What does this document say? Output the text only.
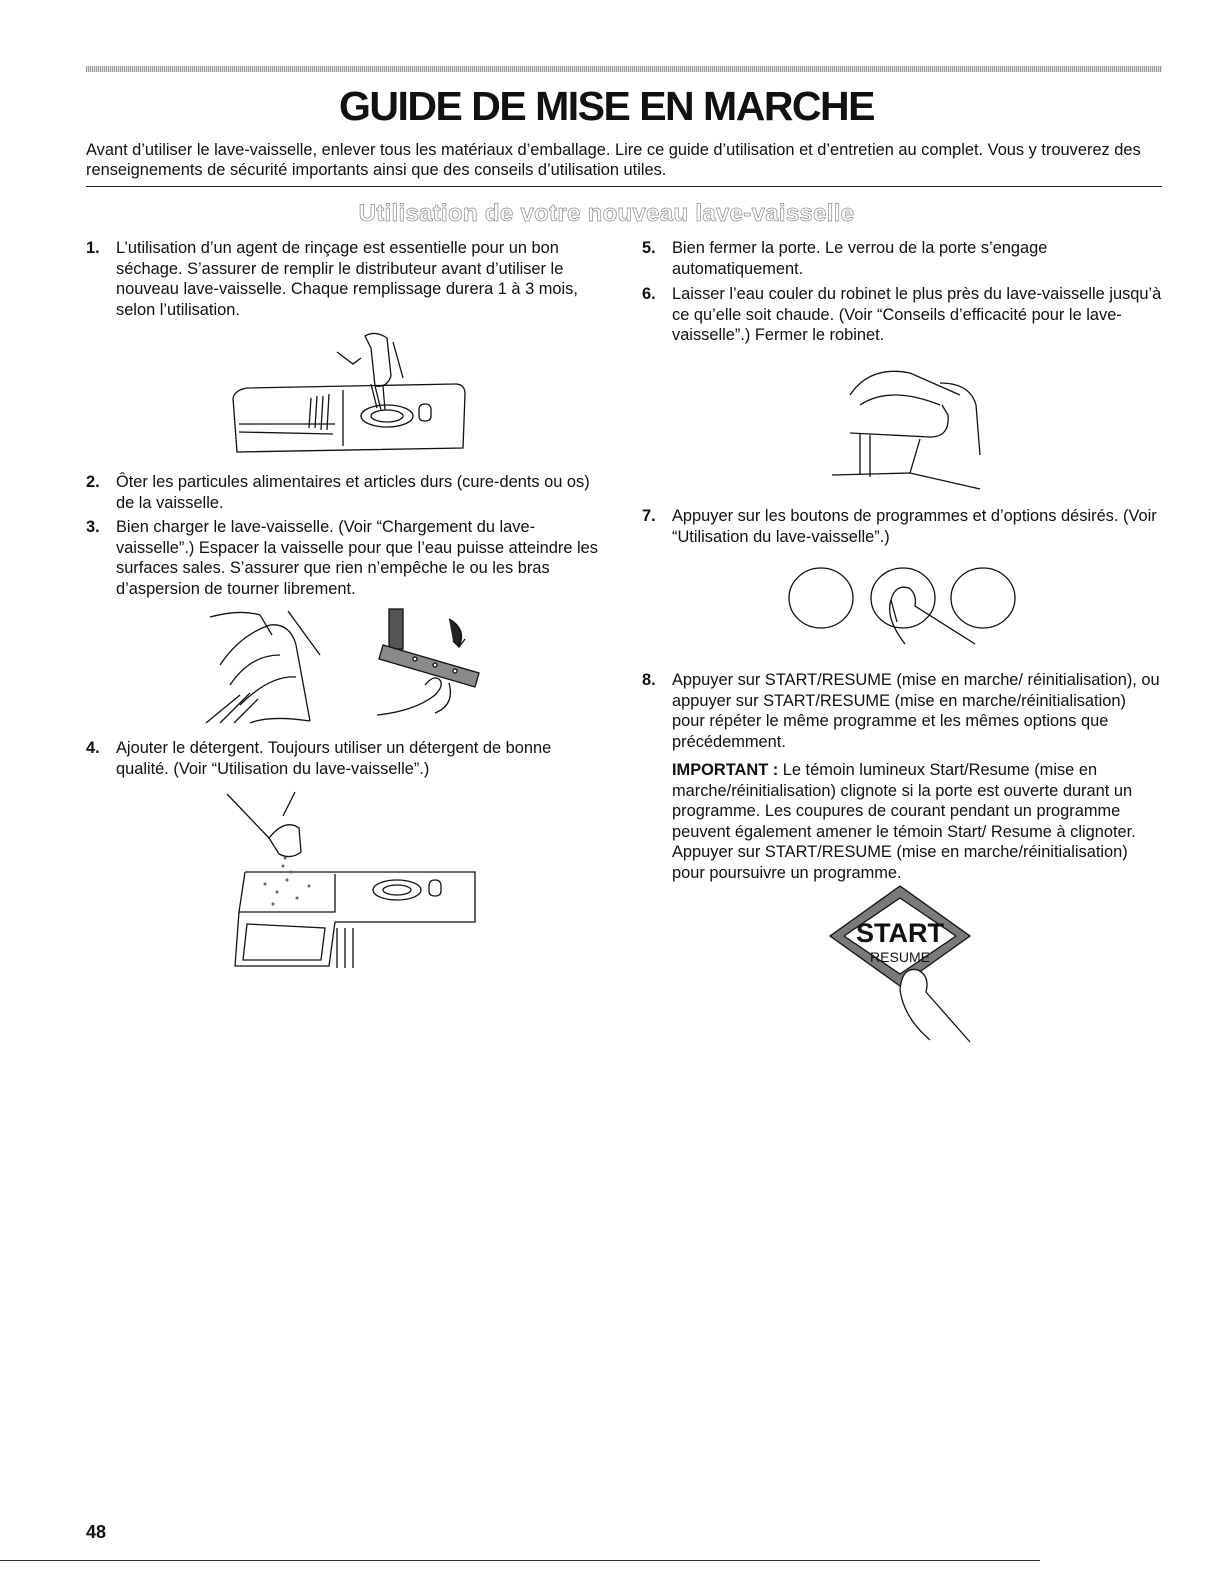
GUIDE DE MISE EN MARCHE

Avant d’utiliser le lave-vaisselle, enlever tous les matériaux d’emballage. Lire ce guide d’utilisation et d’entretien au complet. Vous y trouverez des renseignements de sécurité importants ainsi que des conseils d’utilisation utiles.

Utilisation de votre nouveau lave-vaisselle
1. L’utilisation d’un agent de rinçage est essentielle pour un bon séchage. S’assurer de remplir le distributeur avant d’utiliser le nouveau lave-vaisselle. Chaque remplissage durera 1 à 3 mois, selon l’utilisation.
2. Ôter les particules alimentaires et articles durs (cure-dents ou os) de la vaisselle.
3. Bien charger le lave-vaisselle. (Voir “Chargement du lave-vaisselle”.) Espacer la vaisselle pour que l’eau puisse atteindre les surfaces sales. S’assurer que rien n’empêche le ou les bras d’aspersion de tourner librement.
4. Ajouter le détergent. Toujours utiliser un détergent de bonne qualité. (Voir “Utilisation du lave-vaisselle”.)
5. Bien fermer la porte. Le verrou de la porte s’engage automatiquement.
6. Laisser l’eau couler du robinet le plus près du lave-vaisselle jusqu’à ce qu’elle soit chaude. (Voir “Conseils d’efficacité pour le lave-vaisselle”.) Fermer le robinet.
7. Appuyer sur les boutons de programmes et d’options désirés. (Voir “Utilisation du lave-vaisselle”.)
8. Appuyer sur START/RESUME (mise en marche/ réinitialisation), ou appuyer sur START/RESUME (mise en marche/réinitialisation) pour répéter le même programme et les mêmes options que précédemment.
IMPORTANT : Le témoin lumineux Start/Resume (mise en marche/réinitialisation) clignote si la porte est ouverte durant un programme. Les coupures de courant pendant un programme peuvent également amener le témoin Start/ Resume à clignoter. Appuyer sur START/RESUME (mise en marche/réinitialisation) pour poursuivre un programme.
START
RESUME
48
